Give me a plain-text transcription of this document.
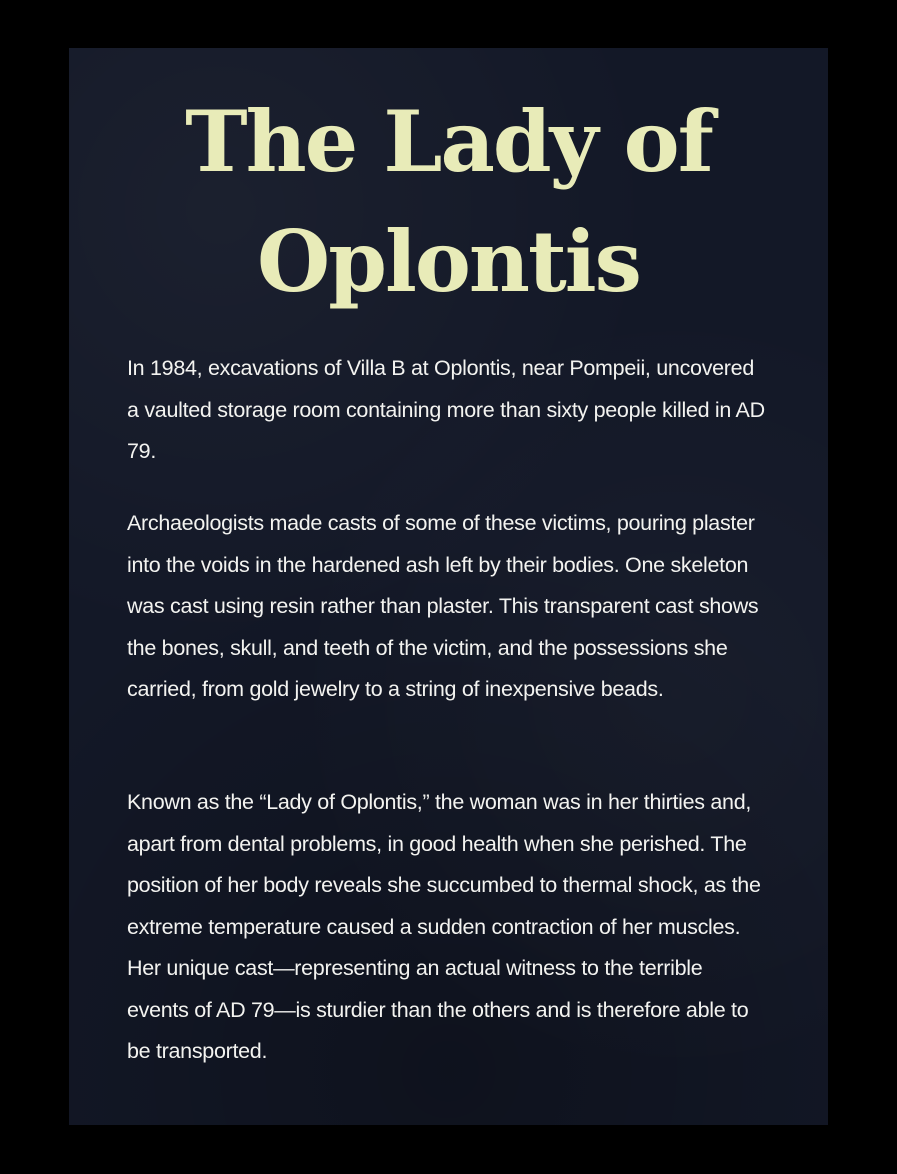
The Lady of
Oplontis

In 1984, excavations of Villa B at Oplontis, near Pompeii, uncovered a vaulted storage room containing more than sixty people killed in AD 79.

Archaeologists made casts of some of these victims, pouring plaster into the voids in the hardened ash left by their bodies. One skeleton was cast using resin rather than plaster. This transparent cast shows the bones, skull, and teeth of the victim, and the possessions she carried, from gold jewelry to a string of inexpensive beads.

Known as the “Lady of Oplontis,” the woman was in her thirties and, apart from dental problems, in good health when she perished. The position of her body reveals she succumbed to thermal shock, as the extreme temperature caused a sudden contraction of her muscles. Her unique cast—representing an actual witness to the terrible events of AD 79—is sturdier than the others and is therefore able to be transported.
